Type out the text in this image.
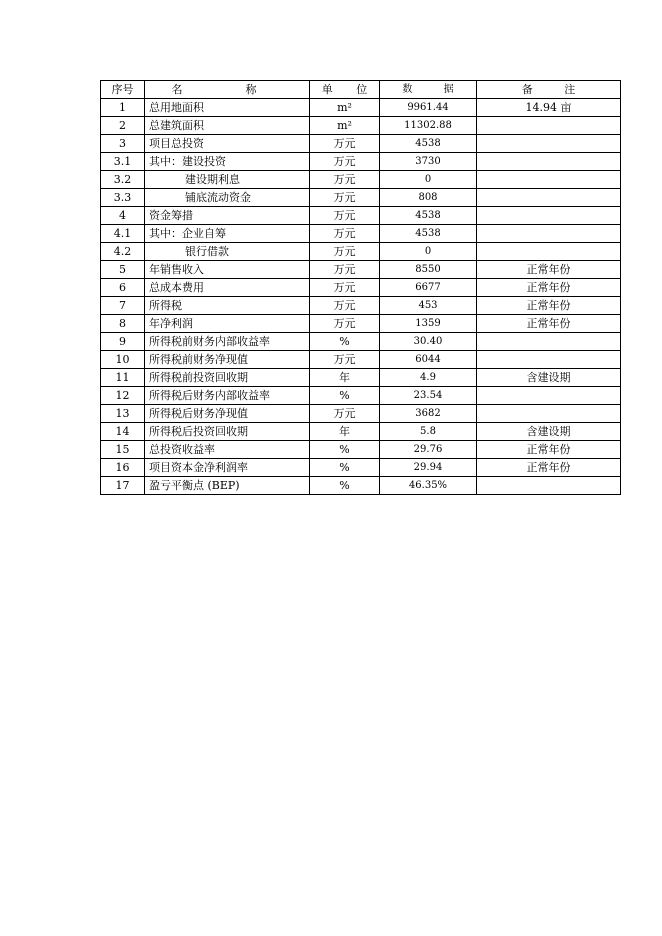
序号	名　称	单 位	数 据	备 注
1	总用地面积	m²	9961.44	14.94 亩
2	总建筑面积	m²	11302.88	
3	项目总投资	万元	4538	
3.1	其中：建设投资	万元	3730	
3.2	建设期利息	万元	0	
3.3	铺底流动资金	万元	808	
4	资金筹措	万元	4538	
4.1	其中：企业自筹	万元	4538	
4.2	银行借款	万元	0	
5	年销售收入	万元	8550	正常年份
6	总成本费用	万元	6677	正常年份
7	所得税	万元	453	正常年份
8	年净利润	万元	1359	正常年份
9	所得税前财务内部收益率	%	30.40	
10	所得税前财务净现值	万元	6044	
11	所得税前投资回收期	年	4.9	含建设期
12	所得税后财务内部收益率	%	23.54	
13	所得税后财务净现值	万元	3682	
14	所得税后投资回收期	年	5.8	含建设期
15	总投资收益率	%	29.76	正常年份
16	项目资本金净利润率	%	29.94	正常年份
17	盈亏平衡点 (BEP)	%	46.35%	
